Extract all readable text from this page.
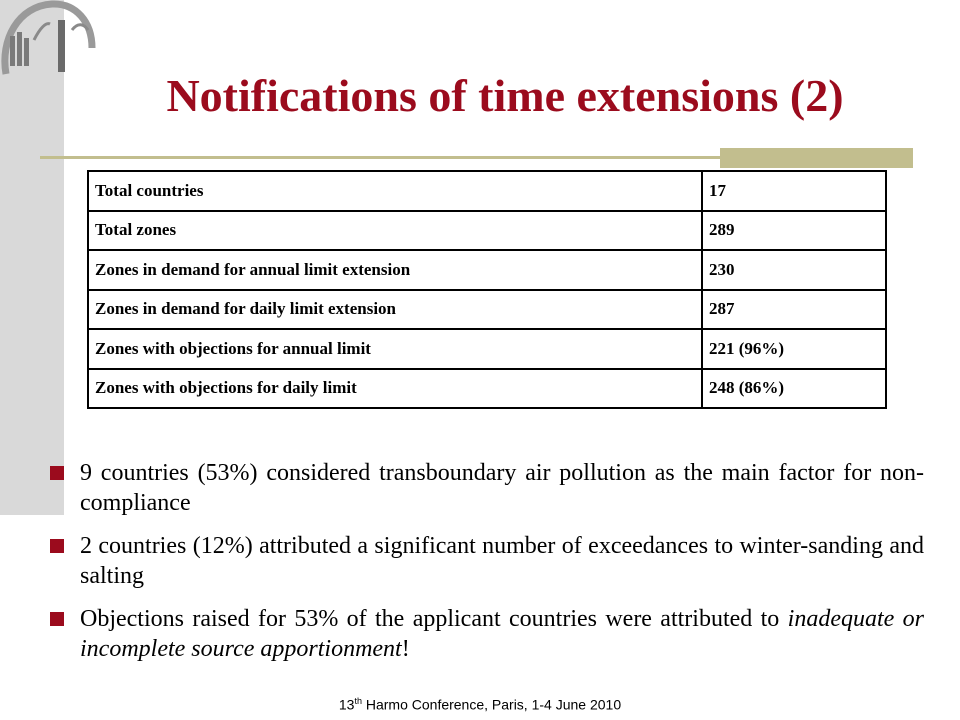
Notifications of time extensions (2)
Total countries	17
Total zones	289
Zones in demand for annual limit extension	230
Zones in demand for daily limit extension	287
Zones with objections for annual limit	221 (96%)
Zones with objections for daily limit	248 (86%)
9 countries (53%) considered transboundary air pollution as the main factor for non-compliance
2 countries (12%) attributed a significant number of exceedances to winter-sanding and salting
Objections raised for 53% of the applicant countries were attributed to inadequate or incomplete source apportionment!
13th Harmo Conference, Paris, 1-4 June 2010
